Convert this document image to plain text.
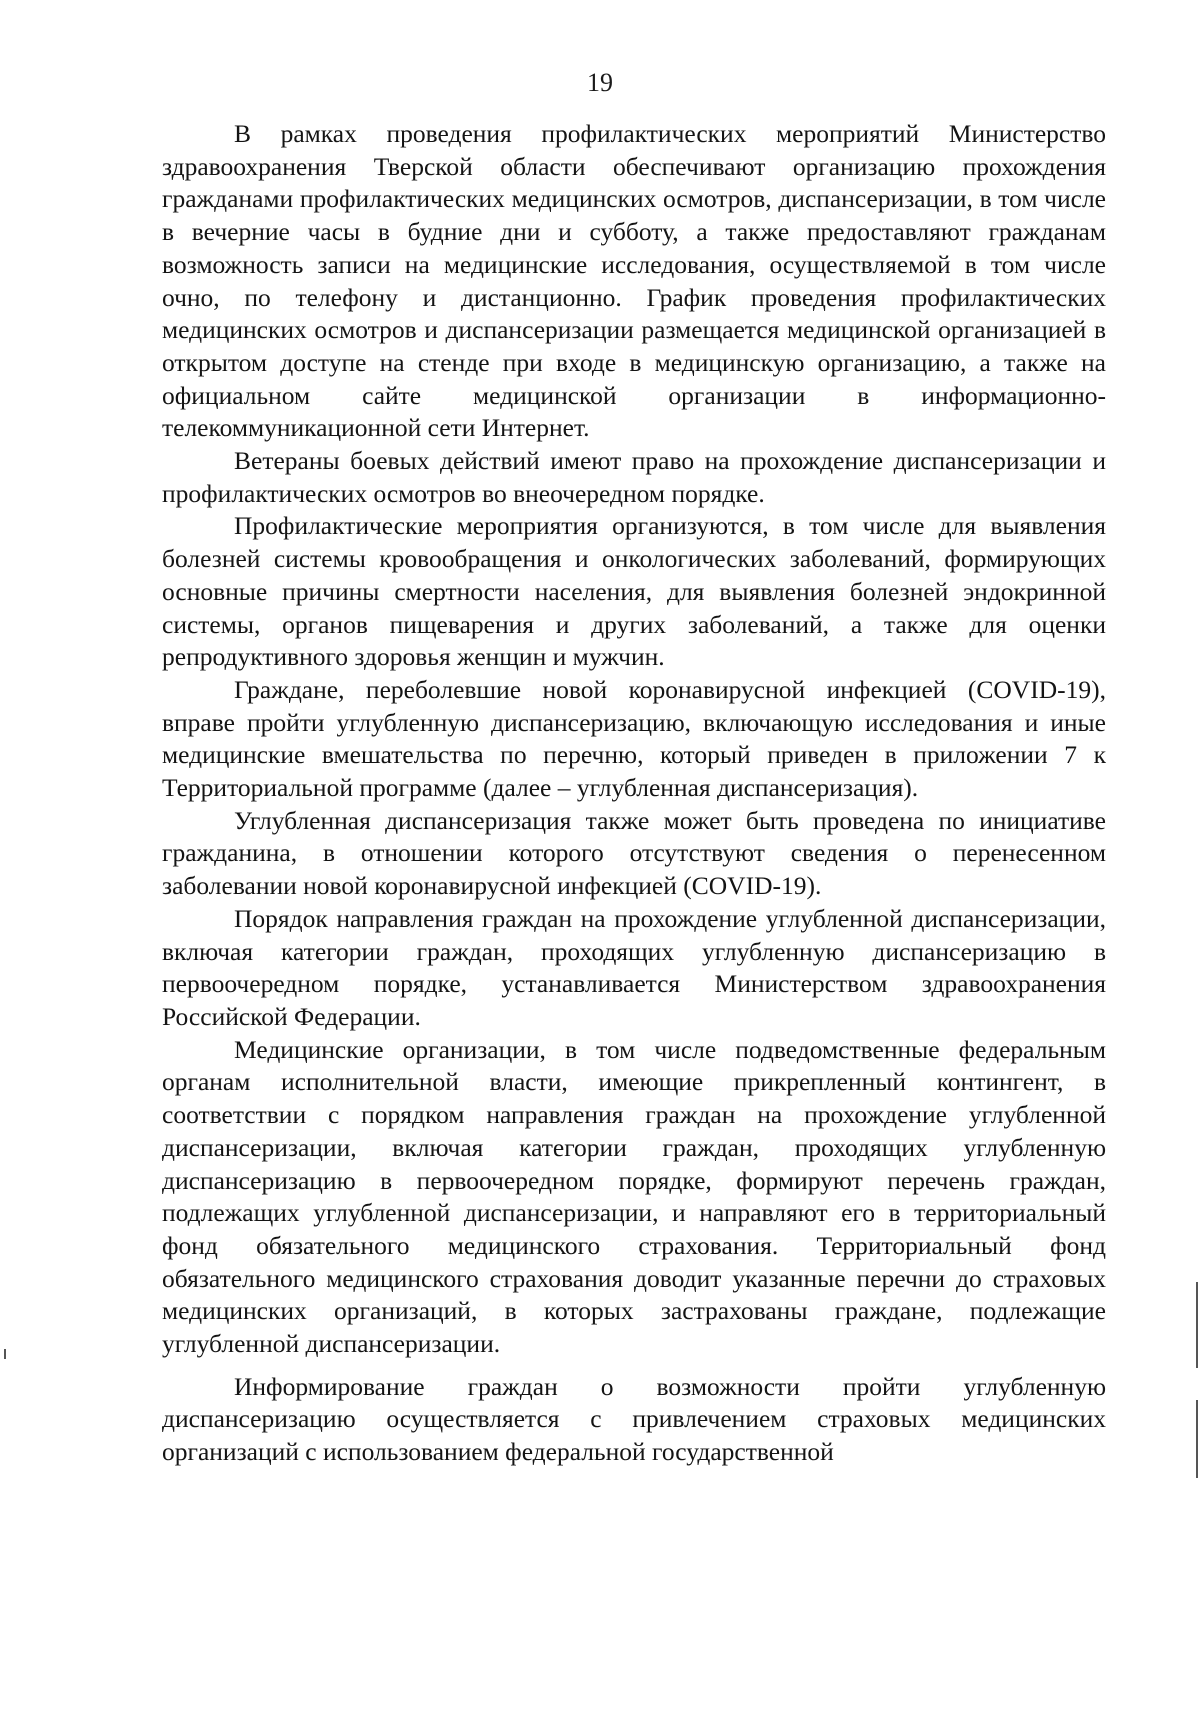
19

В рамках проведения профилактических мероприятий Министерство здравоохранения Тверской области обеспечивают организацию прохождения гражданами профилактических медицинских осмотров, диспансеризации, в том числе в вечерние часы в будние дни и субботу, а также предоставляют гражданам возможность записи на медицинские исследования, осуществляемой в том числе очно, по телефону и дистанционно. График проведения профилактических медицинских осмотров и диспансеризации размещается медицинской организацией в открытом доступе на стенде при входе в медицинскую организацию, а также на официальном сайте медицинской организации в информационно-телекоммуникационной сети Интернет.

Ветераны боевых действий имеют право на прохождение диспансеризации и профилактических осмотров во внеочередном порядке.

Профилактические мероприятия организуются, в том числе для выявления болезней системы кровообращения и онкологических заболеваний, формирующих основные причины смертности населения, для выявления болезней эндокринной системы, органов пищеварения и других заболеваний, а также для оценки репродуктивного здоровья женщин и мужчин.

Граждане, переболевшие новой коронавирусной инфекцией (COVID-19), вправе пройти углубленную диспансеризацию, включающую исследования и иные медицинские вмешательства по перечню, который приведен в приложении 7 к Территориальной программе (далее – углубленная диспансеризация).

Углубленная диспансеризация также может быть проведена по инициативе гражданина, в отношении которого отсутствуют сведения о перенесенном заболевании новой коронавирусной инфекцией (COVID-19).

Порядок направления граждан на прохождение углубленной диспансеризации, включая категории граждан, проходящих углубленную диспансеризацию в первоочередном порядке, устанавливается Министерством здравоохранения Российской Федерации.

Медицинские организации, в том числе подведомственные федеральным органам исполнительной власти, имеющие прикрепленный контингент, в соответствии с порядком направления граждан на прохождение углубленной диспансеризации, включая категории граждан, проходящих углубленную диспансеризацию в первоочередном порядке, формируют перечень граждан, подлежащих углубленной диспансеризации, и направляют его в территориальный фонд обязательного медицинского страхования. Территориальный фонд обязательного медицинского страхования доводит указанные перечни до страховых медицинских организаций, в которых застрахованы граждане, подлежащие углубленной диспансеризации.

Информирование граждан о возможности пройти углубленную диспансеризацию осуществляется с привлечением страховых медицинских организаций с использованием федеральной государственной
